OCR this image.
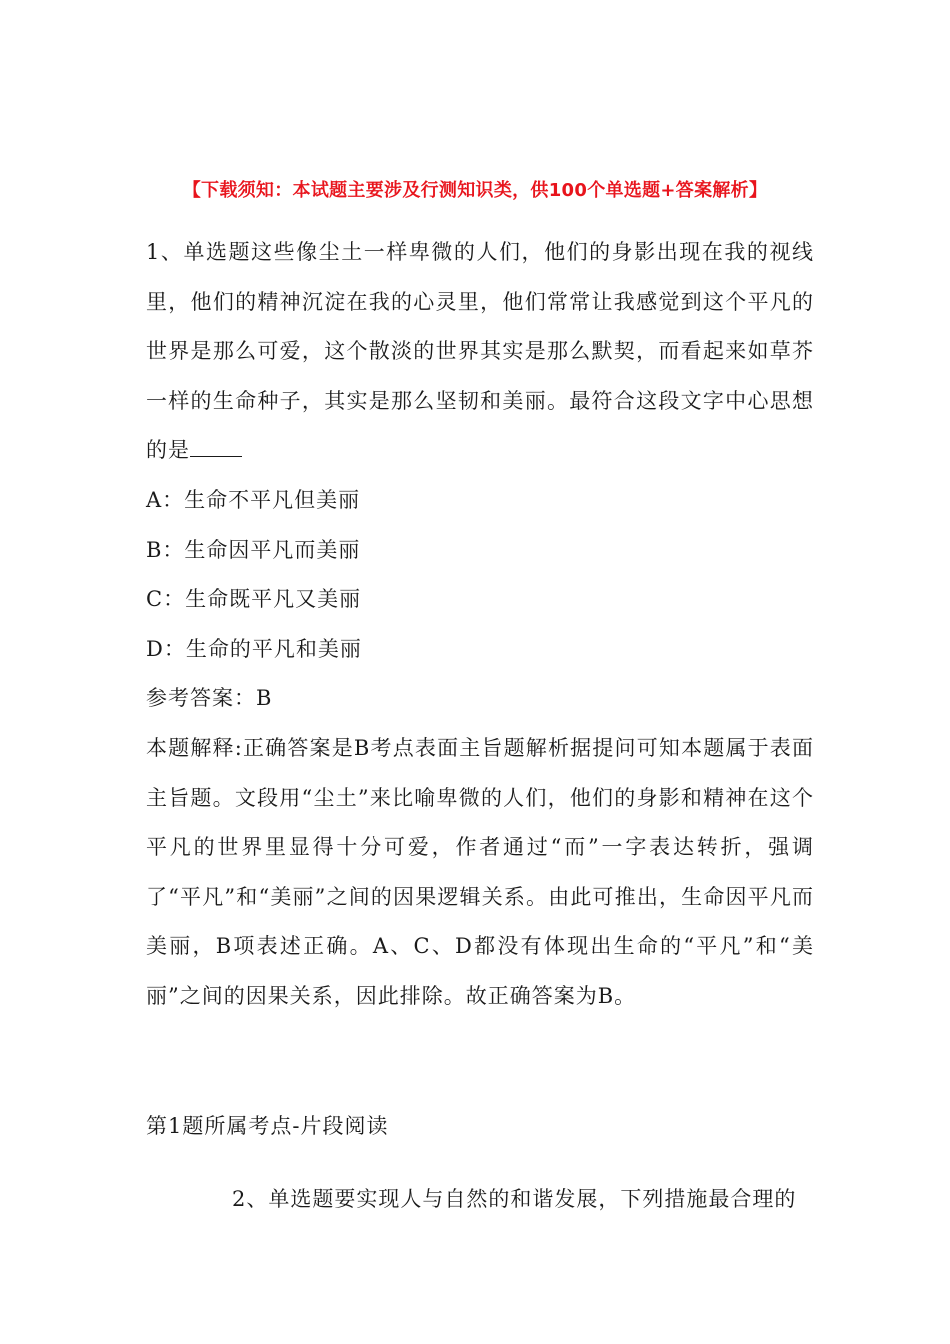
【下载须知：本试题主要涉及行测知识类，供100个单选题+答案解析】
1、单选题这些像尘土一样卑微的人们，他们的身影出现在我的视线里，他们的精神沉淀在我的心灵里，他们常常让我感觉到这个平凡的世界是那么可爱，这个散淡的世界其实是那么默契，而看起来如草芥一样的生命种子，其实是那么坚韧和美丽。最符合这段文字中心思想的是
A：生命不平凡但美丽
B：生命因平凡而美丽
C：生命既平凡又美丽
D：生命的平凡和美丽
参考答案：B
本题解释:正确答案是B考点表面主旨题解析据提问可知本题属于表面主旨题。文段用“尘土”来比喻卑微的人们，他们的身影和精神在这个平凡的世界里显得十分可爱，作者通过“而”一字表达转折，强调了“平凡”和“美丽”之间的因果逻辑关系。由此可推出，生命因平凡而美丽，B项表述正确。A、C、D都没有体现出生命的“平凡”和“美丽”之间的因果关系，因此排除。故正确答案为B。
第1题所属考点-片段阅读
2、单选题要实现人与自然的和谐发展，下列措施最合理的
